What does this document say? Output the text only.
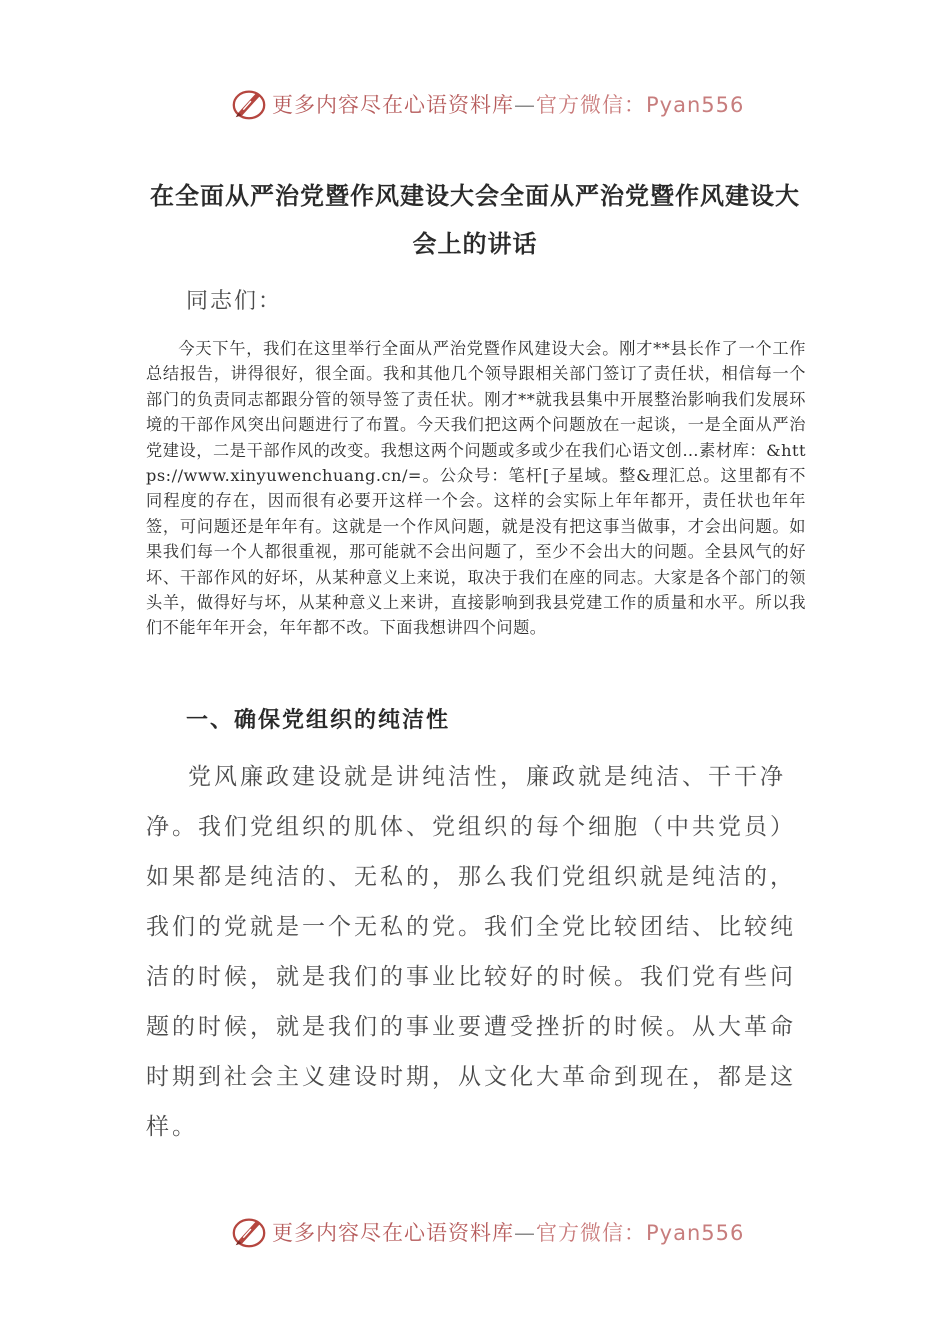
更多内容尽在心语资料库—官方微信：Pyan556
在全面从严治党暨作风建设大会全面从严治党暨作风建设大会上的讲话
同志们：
今天下午，我们在这里举行全面从严治党暨作风建设大会。刚才**县长作了一个工作总结报告，讲得很好，很全面。我和其他几个领导跟相关部门签订了责任状，相信每一个部门的负责同志都跟分管的领导签了责任状。刚才**就我县集中开展整治影响我们发展环境的干部作风突出问题进行了布置。今天我们把这两个问题放在一起谈，一是全面从严治党建设，二是干部作风的改变。我想这两个问题或多或少在我们心语文创…素材库：&https://www.xinyuwenchuang.cn/=。公众号：笔杆[子星域。整&理汇总。这里都有不同程度的存在，因而很有必要开这样一个会。这样的会实际上年年都开，责任状也年年签，可问题还是年年有。这就是一个作风问题，就是没有把这事当做事，才会出问题。如果我们每一个人都很重视，那可能就不会出问题了，至少不会出大的问题。全县风气的好坏、干部作风的好坏，从某种意义上来说，取决于我们在座的同志。大家是各个部门的领头羊，做得好与坏，从某种意义上来讲，直接影响到我县党建工作的质量和水平。所以我们不能年年开会，年年都不改。下面我想讲四个问题。
一、确保党组织的纯洁性
党风廉政建设就是讲纯洁性，廉政就是纯洁、干干净净。我们党组织的肌体、党组织的每个细胞（中共党员）如果都是纯洁的、无私的，那么我们党组织就是纯洁的，我们的党就是一个无私的党。我们全党比较团结、比较纯洁的时候，就是我们的事业比较好的时候。我们党有些问题的时候，就是我们的事业要遭受挫折的时候。从大革命时期到社会主义建设时期，从文化大革命到现在，都是这样。
更多内容尽在心语资料库—官方微信：Pyan556
